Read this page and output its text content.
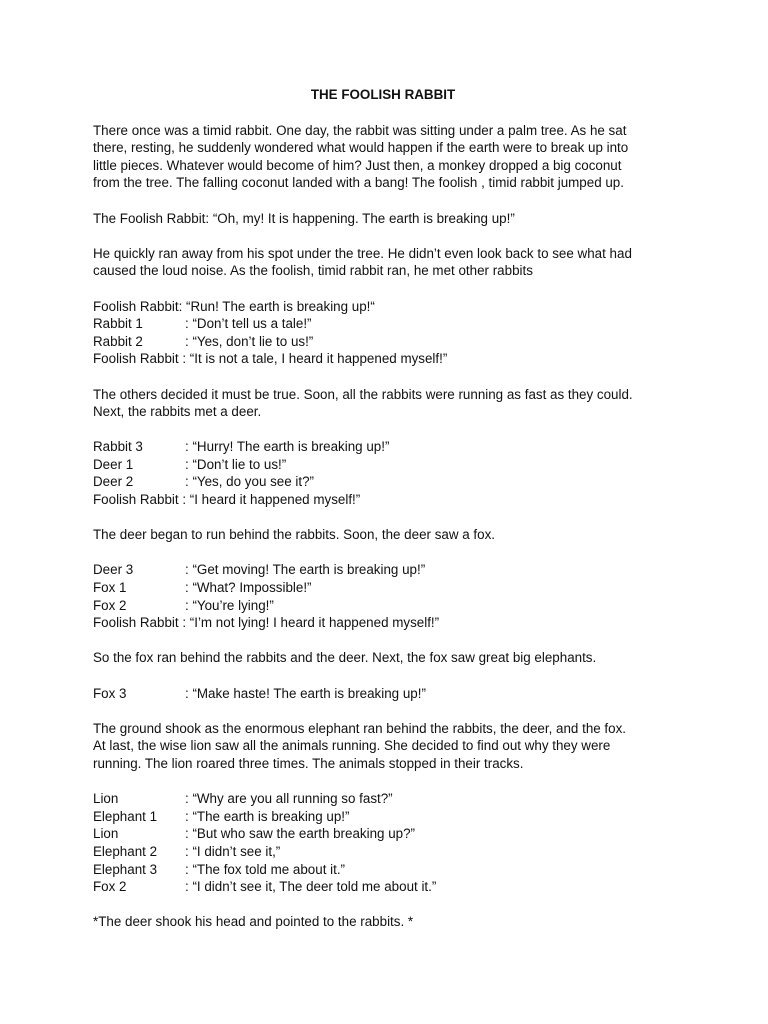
THE FOOLISH RABBIT
There once was a timid rabbit. One day, the rabbit was sitting under a palm tree. As he sat
there, resting, he suddenly wondered what would happen if the earth were to break up into
little pieces. Whatever would become of him? Just then, a monkey dropped a big coconut
from the tree. The falling coconut landed with a bang! The foolish , timid rabbit jumped up.
The Foolish Rabbit: “Oh, my! It is happening. The earth is breaking up!”
He quickly ran away from his spot under the tree. He didn’t even look back to see what had
caused the loud noise. As the foolish, timid rabbit ran, he met other rabbits
Foolish Rabbit: “Run! The earth is breaking up!“
Rabbit 1	: “Don’t tell us a tale!”
Rabbit 2	: “Yes, don’t lie to us!”
Foolish Rabbit : “It is not a tale, I heard it happened myself!”
The others decided it must be true. Soon, all the rabbits were running as fast as they could.
Next, the rabbits met a deer.
Rabbit 3	: “Hurry! The earth is breaking up!”
Deer 1	: “Don’t lie to us!”
Deer 2	: “Yes, do you see it?”
Foolish Rabbit : “I heard it happened myself!”
The deer began to run behind the rabbits. Soon, the deer saw a fox.
Deer 3	: “Get moving! The earth is breaking up!”
Fox 1	: “What? Impossible!”
Fox 2	: “You’re lying!”
Foolish Rabbit : “I’m not lying! I heard it happened myself!”
So the fox ran behind the rabbits and the deer. Next, the fox saw great big elephants.
Fox 3	: “Make haste! The earth is breaking up!”
The ground shook as the enormous elephant ran behind the rabbits, the deer, and the fox.
At last, the wise lion saw all the animals running. She decided to find out why they were
running. The lion roared three times. The animals stopped in their tracks.
Lion	: “Why are you all running so fast?”
Elephant 1 : “The earth is breaking up!”
Lion	: “But who saw the earth breaking up?”
Elephant 2 : “I didn’t see it,”
Elephant 3 : “The fox told me about it.”
Fox 2	: “I didn’t see it, The deer told me about it.”
*The deer shook his head and pointed to the rabbits. *
